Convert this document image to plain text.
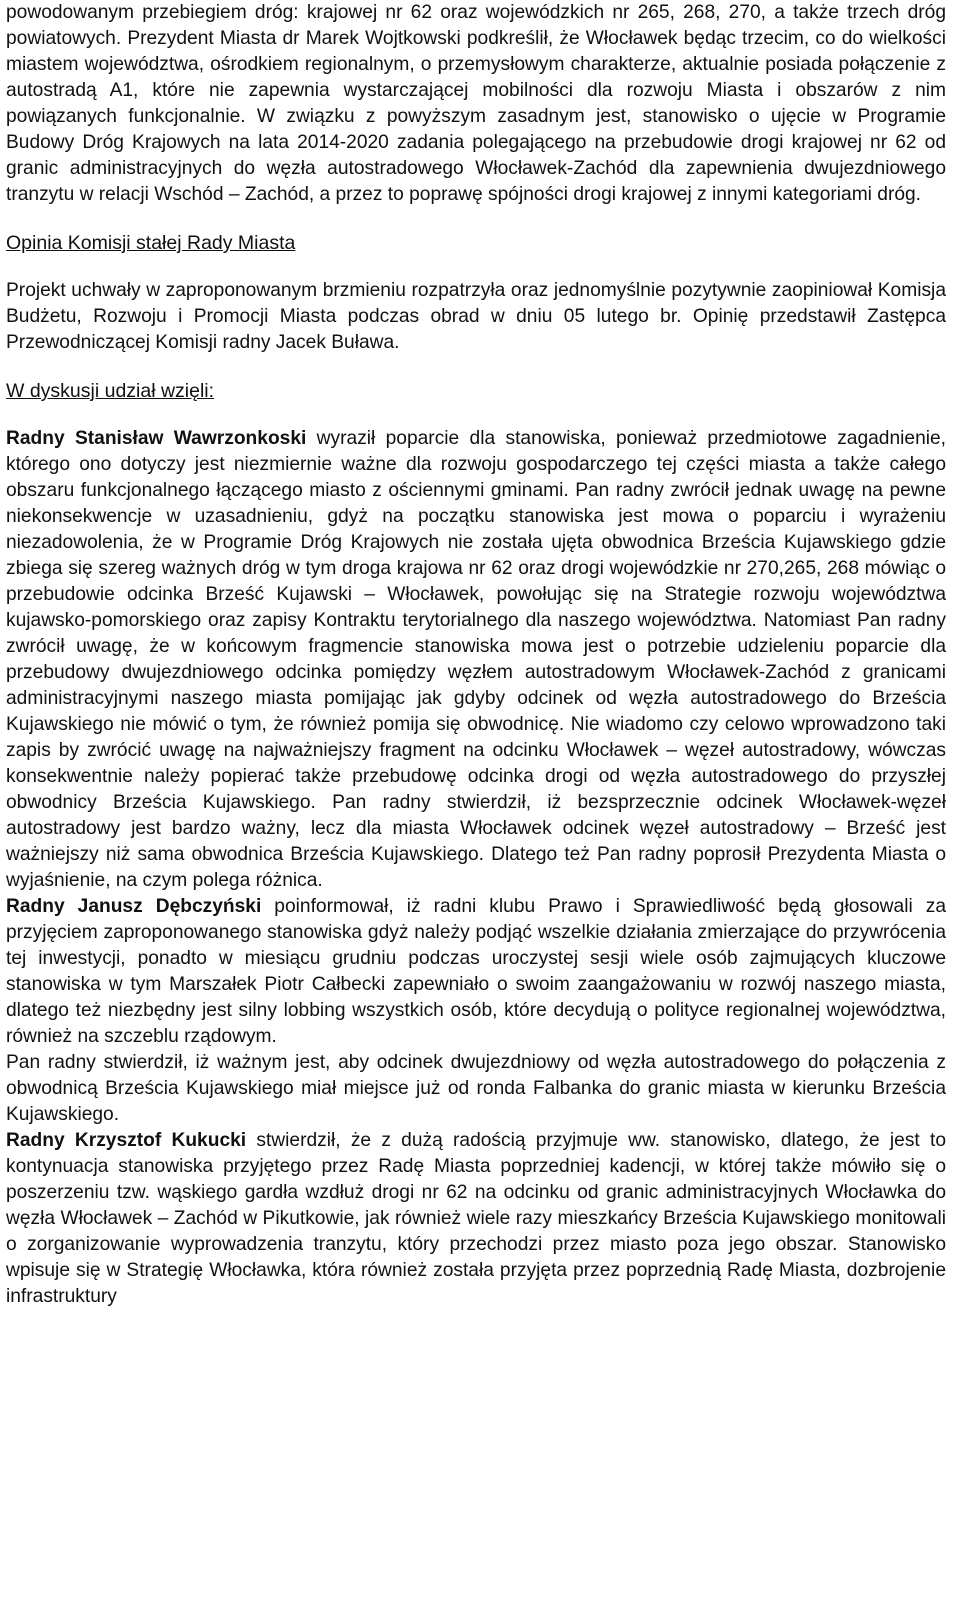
powodowanym przebiegiem dróg: krajowej nr 62 oraz wojewódzkich nr 265, 268, 270, a także trzech dróg powiatowych. Prezydent Miasta dr Marek Wojtkowski podkreślił, że Włocławek będąc trzecim, co do wielkości miastem województwa, ośrodkiem regionalnym, o przemysłowym charakterze, aktualnie posiada połączenie z autostradą A1, które nie zapewnia wystarczającej mobilności dla rozwoju Miasta i obszarów z nim powiązanych funkcjonalnie. W związku z powyższym zasadnym jest, stanowisko o ujęcie w Programie Budowy Dróg Krajowych na lata 2014-2020 zadania polegającego na przebudowie drogi krajowej nr 62 od granic administracyjnych do węzła autostradowego Włocławek-Zachód dla zapewnienia dwujezdniowego tranzytu w relacji Wschód – Zachód, a przez to poprawę spójności drogi krajowej z innymi kategoriami dróg.

Opinia Komisji stałej Rady Miasta

Projekt uchwały w zaproponowanym brzmieniu rozpatrzyła oraz jednomyślnie pozytywnie zaopiniował Komisja Budżetu, Rozwoju i Promocji Miasta podczas obrad w dniu 05 lutego br. Opinię przedstawił Zastępca Przewodniczącej Komisji radny Jacek Buława.

W dyskusji udział wzięli:

Radny Stanisław Wawrzonkoski wyraził poparcie dla stanowiska, ponieważ przedmiotowe zagadnienie, którego ono dotyczy jest niezmiernie ważne dla rozwoju gospodarczego tej części miasta a także całego obszaru funkcjonalnego łączącego miasto z ościennymi gminami. Pan radny zwrócił jednak uwagę na pewne niekonsekwencje w uzasadnieniu, gdyż na początku stanowiska jest mowa o poparciu i wyrażeniu niezadowolenia, że w Programie Dróg Krajowych nie została ujęta obwodnica Brześcia Kujawskiego gdzie zbiega się szereg ważnych dróg w tym droga krajowa nr 62 oraz drogi wojewódzkie nr 270,265, 268 mówiąc o przebudowie odcinka Brześć Kujawski – Włocławek, powołując się na Strategie rozwoju województwa kujawsko-pomorskiego oraz zapisy Kontraktu terytorialnego dla naszego województwa. Natomiast Pan radny zwrócił uwagę, że w końcowym fragmencie stanowiska mowa jest o potrzebie udzieleniu poparcie dla przebudowy dwujezdniowego odcinka pomiędzy węzłem autostradowym Włocławek-Zachód z granicami administracyjnymi naszego miasta pomijając jak gdyby odcinek od węzła autostradowego do Brześcia Kujawskiego nie mówić o tym, że również pomija się obwodnicę. Nie wiadomo czy celowo wprowadzono taki zapis by zwrócić uwagę na najważniejszy fragment na odcinku Włocławek – węzeł autostradowy, wówczas konsekwentnie należy popierać także przebudowę odcinka drogi od węzła autostradowego do przyszłej obwodnicy Brześcia Kujawskiego. Pan radny stwierdził, iż bezsprzecznie odcinek Włocławek-węzeł autostradowy jest bardzo ważny, lecz dla miasta Włocławek odcinek węzeł autostradowy – Brześć jest ważniejszy niż sama obwodnica Brześcia Kujawskiego. Dlatego też Pan radny poprosił Prezydenta Miasta o wyjaśnienie, na czym polega różnica.

Radny Janusz Dębczyński poinformował, iż radni klubu Prawo i Sprawiedliwość będą głosowali za przyjęciem zaproponowanego stanowiska gdyż należy podjąć wszelkie działania zmierzające do przywrócenia tej inwestycji, ponadto w miesiącu grudniu podczas uroczystej sesji wiele osób zajmujących kluczowe stanowiska w tym Marszałek Piotr Całbecki zapewniało o swoim zaangażowaniu w rozwój naszego miasta, dlatego też niezbędny jest silny lobbing wszystkich osób, które decydują o polityce regionalnej województwa, również na szczeblu rządowym.

Pan radny stwierdził, iż ważnym jest, aby odcinek dwujezdniowy od węzła autostradowego do połączenia z obwodnicą Brześcia Kujawskiego miał miejsce już od ronda Falbanka do granic miasta w kierunku Brześcia Kujawskiego.

Radny Krzysztof Kukucki stwierdził, że z dużą radością przyjmuje ww. stanowisko, dlatego, że jest to kontynuacja stanowiska przyjętego przez Radę Miasta poprzedniej kadencji, w której także mówiło się o poszerzeniu tzw. wąskiego gardła wzdłuż drogi nr 62 na odcinku od granic administracyjnych Włocławka do węzła Włocławek – Zachód w Pikutkowie, jak również wiele razy mieszkańcy Brześcia Kujawskiego monitowali o zorganizowanie wyprowadzenia tranzytu, który przechodzi przez miasto poza jego obszar. Stanowisko wpisuje się w Strategię Włocławka, która również została przyjęta przez poprzednią Radę Miasta, dozbrojenie infrastruktury
